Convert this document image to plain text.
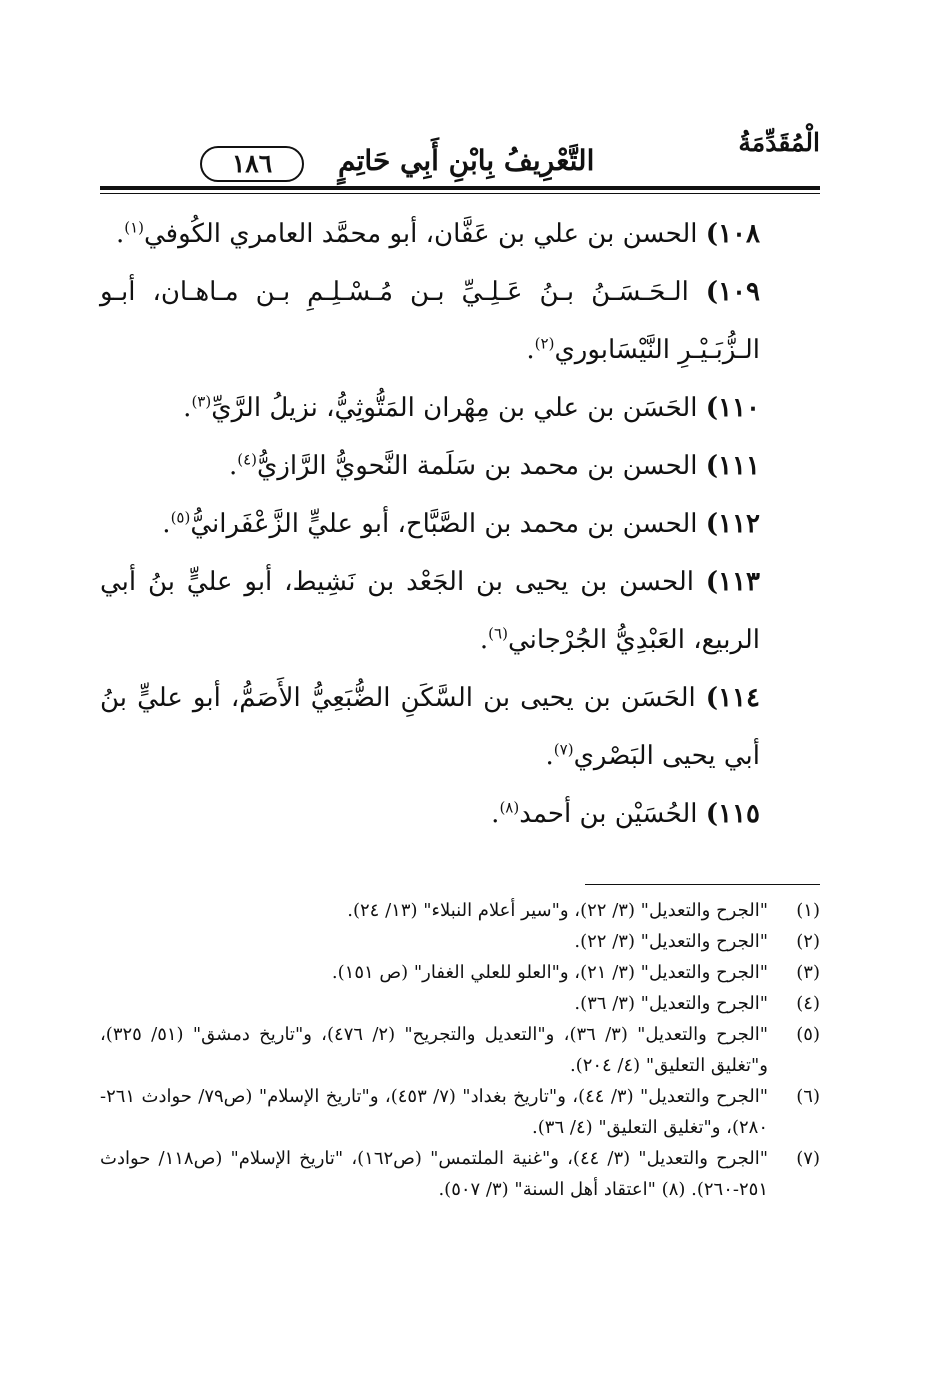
الْمُقَدِّمَةُ
التَّعْرِيفُ بِابْنِ أَبِي حَاتِمٍ
١٨٦
١٠٨) الحسن بن علي بن عَفَّان، أبو محمَّد العامري الكُوفي$^{(١)}$.
١٠٩) الـحَـسَـنُ بـنُ عَـلِـيِّ بـن مُـسْـلِـمِ بـن مـاهـان، أبـو الـزُّبَـيْـرِ النَّيْسَابوري$^{(٢)}$.
١١٠) الحَسَن بن علي بن مِهْران المَتُّوثِيُّ، نزيلُ الرَّيِّ$^{(٣)}$.
١١١) الحسن بن محمد بن سَلَمة النَّحويُّ الرَّازيُّ$^{(٤)}$.
١١٢) الحسن بن محمد بن الصَّبَّاح، أبو عليٍّ الزَّعْفَرانيُّ$^{(٥)}$.
١١٣) الحسن بن يحيى بن الجَعْد بن نَشِيط، أبو عليٍّ بنُ أبي الربيع، العَبْدِيُّ الجُرْجاني$^{(٦)}$.
١١٤) الحَسَن بن يحيى بن السَّكَنِ الضُّبَعِيُّ الأَصَمُّ، أبو عليٍّ بنُ أبي يحيى البَصْري$^{(٧)}$.
١١٥) الحُسَيْن بن أحمد$^{(٨)}$.
(١)
"الجرح والتعديل" (٣/ ٢٢)، و"سير أعلام النبلاء" (١٣/ ٢٤).
(٢)
"الجرح والتعديل" (٣/ ٢٢).
(٣)
"الجرح والتعديل" (٣/ ٢١)، و"العلو للعلي الغفار" (ص ١٥١).
(٤)
"الجرح والتعديل" (٣/ ٣٦).
(٥)
"الجرح والتعديل" (٣/ ٣٦)، و"التعديل والتجريح" (٢/ ٤٧٦)، و"تاريخ دمشق" (٥١/ ٣٢٥)، و"تغليق التعليق" (٤/ ٢٠٤).
(٦)
"الجرح والتعديل" (٣/ ٤٤)، و"تاريخ بغداد" (٧/ ٤٥٣)، و"تاريخ الإسلام" (ص٧٩/ حوادث ٢٦١- ٢٨٠)، و"تغليق التعليق" (٤/ ٣٦).
(٧)
"الجرح والتعديل" (٣/ ٤٤)، و"غنية الملتمس" (ص١٦٢)، "تاريخ الإسلام" (ص١١٨/ حوادث ٢٥١-٢٦٠). (٨) "اعتقاد أهل السنة" (٣/ ٥٠٧).
